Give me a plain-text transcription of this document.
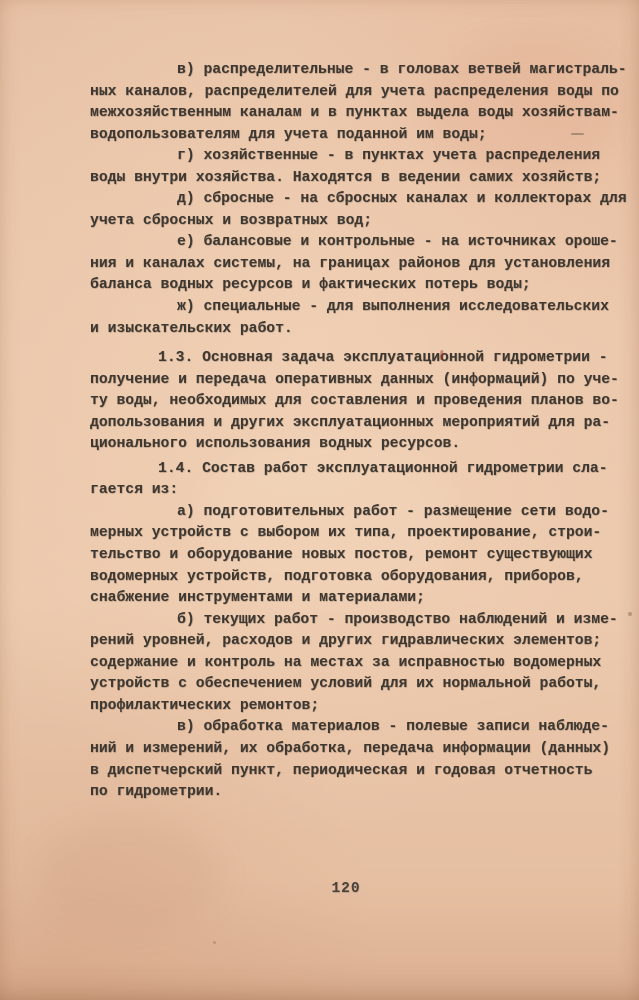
в) распределительные - в головах ветвей магистраль-
ных каналов, распределителей для учета распределения воды по
межхозяйственным каналам и в пунктах выдела воды хозяйствам-
водопользователям для учета поданной им воды;
г) хозяйственные - в пунктах учета распределения
воды внутри хозяйства. Находятся в ведении самих хозяйств;
д) сбросные - на сбросных каналах и коллекторах для
учета сбросных и возвратных вод;
е) балансовые и контрольные - на источниках ороше-
ния и каналах системы, на границах районов для установления
баланса водных ресурсов и фактических потерь воды;
ж) специальные - для выполнения исследовательских
и изыскательских работ.
1.3. Основная задача эксплуатационной гидрометрии -
получение и передача оперативных данных (информаций) по уче-
ту воды, необходимых для составления и проведения планов во-
допользования и других эксплуатационных мероприятий для ра-
ционального использования водных ресурсов.
1.4. Состав работ эксплуатационной гидрометрии сла-
гается из:
а) подготовительных работ - размещение сети водо-
мерных устройств с выбором их типа, проектирование, строи-
тельство и оборудование новых постов, ремонт существующих
водомерных устройств, подготовка оборудования, приборов,
снабжение инструментами и материалами;
б) текущих работ - производство наблюдений и изме-
рений уровней, расходов и других гидравлических элементов;
содержание и контроль на местах за исправностью водомерных
устройств с обеспечением условий для их нормальной работы,
профилактических ремонтов;
в) обработка материалов - полевые записи наблюде-
ний и измерений, их обработка, передача информации (данных)
в диспетчерский пункт, периодическая и годовая отчетность
по гидрометрии.
120
